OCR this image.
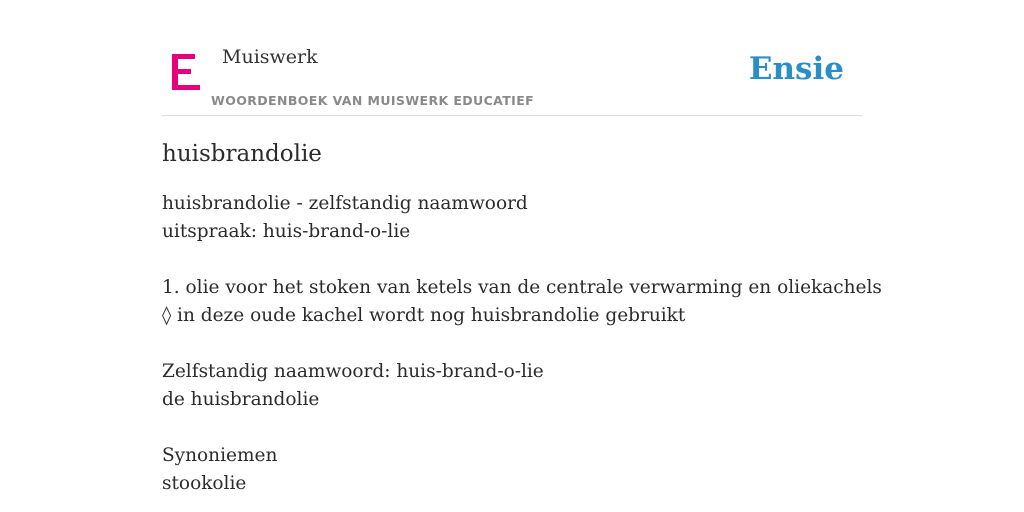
Muiswerk
WOORDENBOEK VAN MUISWERK EDUCATIEF
Ensie
huisbrandolie
huisbrandolie - zelfstandig naamwoord
uitspraak: huis-brand-o-lie
1. olie voor het stoken van ketels van de centrale verwarming en oliekachels
◊ in deze oude kachel wordt nog huisbrandolie gebruikt
Zelfstandig naamwoord: huis-brand-o-lie
de huisbrandolie
Synoniemen
stookolie
